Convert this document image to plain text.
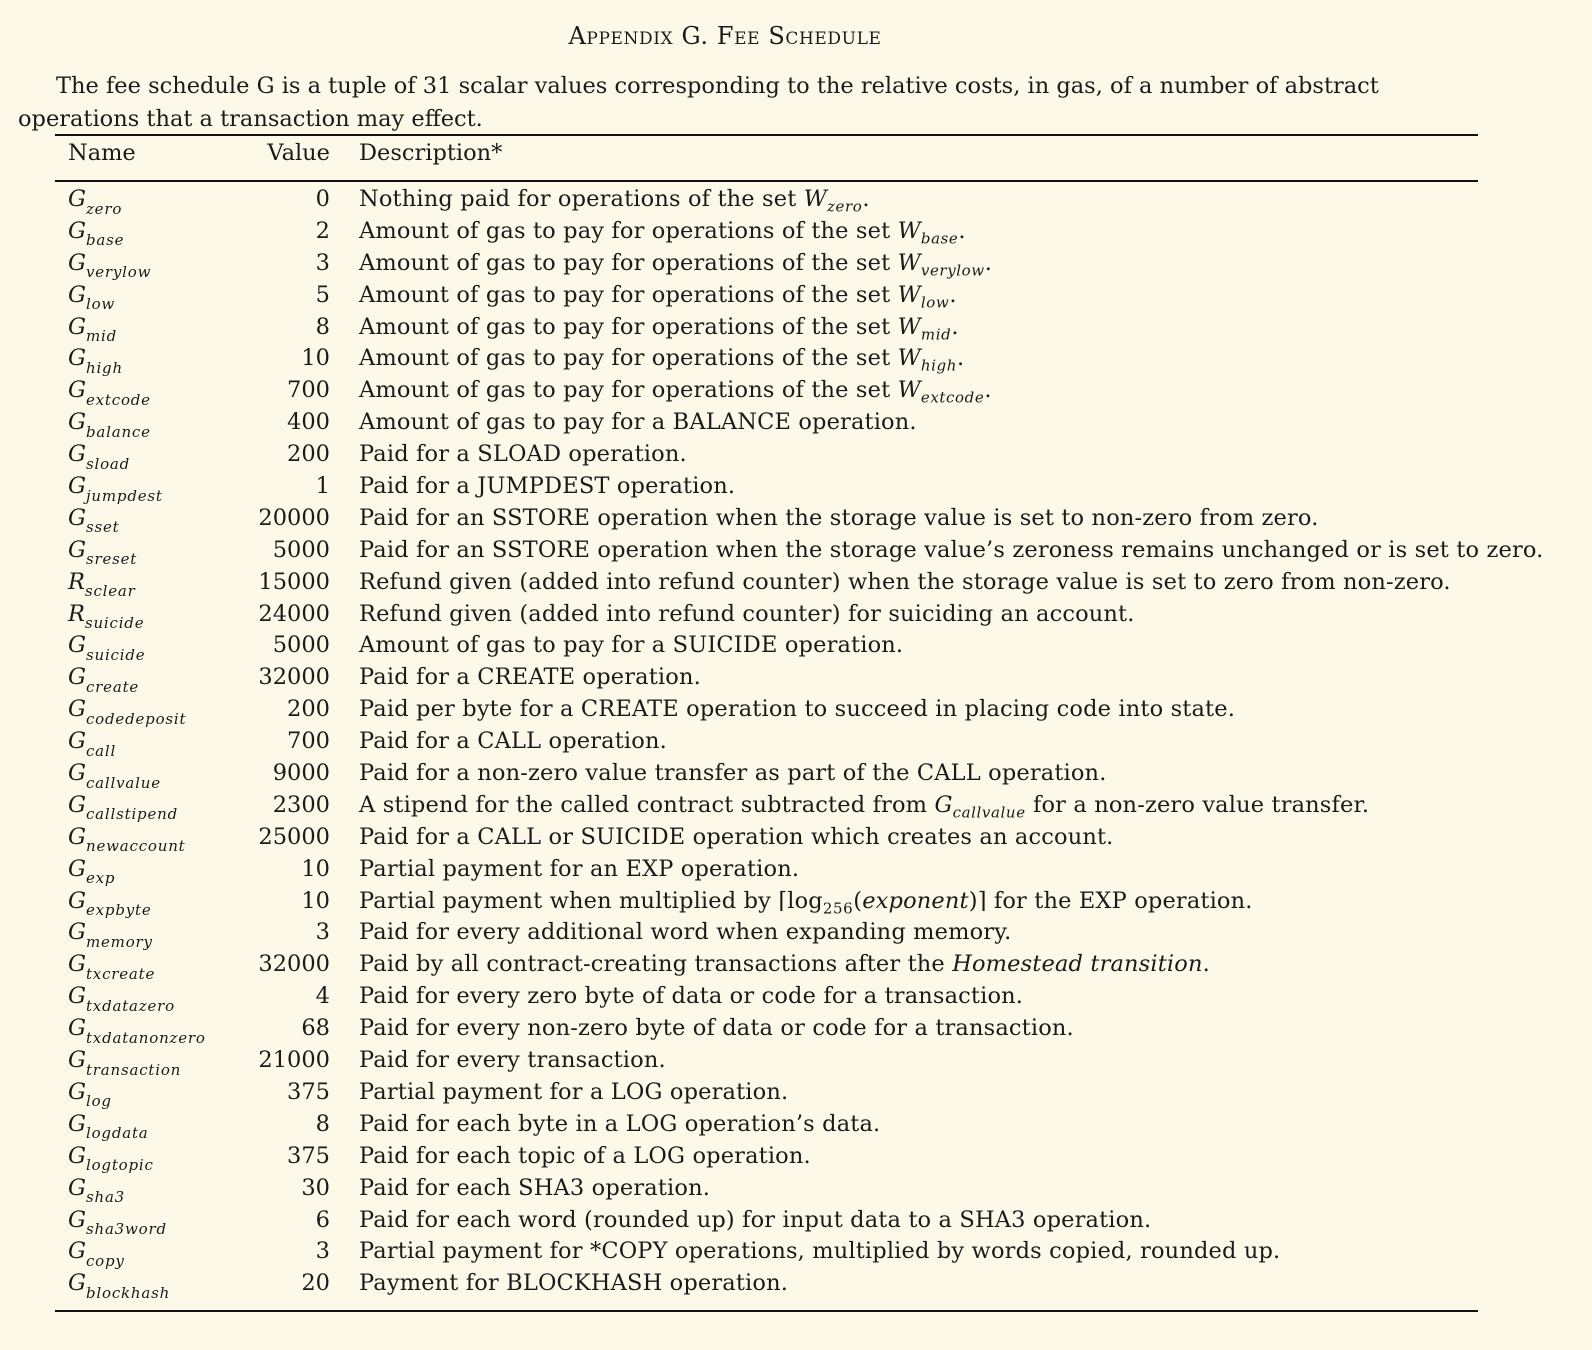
Appendix G. Fee Schedule
The fee schedule G is a tuple of 31 scalar values corresponding to the relative costs, in gas, of a number of abstract
operations that a transaction may effect.
Name	Value Description*
$G_{zero}$	0 Nothing paid for operations of the set $W_{zero}$.
$G_{base}$	2 Amount of gas to pay for operations of the set $W_{base}$.
$G_{verylow}$	3 Amount of gas to pay for operations of the set $W_{verylow}$.
$G_{low}$	5 Amount of gas to pay for operations of the set $W_{low}$.
$G_{mid}$	8 Amount of gas to pay for operations of the set $W_{mid}$.
$G_{high}$	10 Amount of gas to pay for operations of the set $W_{high}$.
$G_{extcode}$	700 Amount of gas to pay for operations of the set $W_{extcode}$.
$G_{balance}$	400 Amount of gas to pay for a BALANCE operation.
$G_{sload}$	200 Paid for a SLOAD operation.
$G_{jumpdest}$	1 Paid for a JUMPDEST operation.
$G_{sset}$	20000 Paid for an SSTORE operation when the storage value is set to non-zero from zero.
$G_{sreset}$	5000 Paid for an SSTORE operation when the storage value’s zeroness remains unchanged or is set to zero.
$R_{sclear}$	15000 Refund given (added into refund counter) when the storage value is set to zero from non-zero.
$R_{suicide}$	24000 Refund given (added into refund counter) for suiciding an account.
$G_{suicide}$	5000 Amount of gas to pay for a SUICIDE operation.
$G_{create}$	32000 Paid for a CREATE operation.
$G_{codedeposit}$	200 Paid per byte for a CREATE operation to succeed in placing code into state.
$G_{call}$	700 Paid for a CALL operation.
$G_{callvalue}$	9000 Paid for a non-zero value transfer as part of the CALL operation.
$G_{callstipend}$	2300 A stipend for the called contract subtracted from $G_{callvalue}$ for a non-zero value transfer.
$G_{newaccount}$	25000 Paid for a CALL or SUICIDE operation which creates an account.
$G_{exp}$	10 Partial payment for an EXP operation.
$G_{expbyte}$	10 Partial payment when multiplied by $⌈\log_{256}(exponent)⌉$ for the EXP operation.
$G_{memory}$	3 Paid for every additional word when expanding memory.
$G_{txcreate}$	32000 Paid by all contract-creating transactions after the Homestead transition.
$G_{txdatazero}$	4 Paid for every zero byte of data or code for a transaction.
$G_{txdatanonzero}$	68 Paid for every non-zero byte of data or code for a transaction.
$G_{transaction}$	21000 Paid for every transaction.
$G_{log}$	375 Partial payment for a LOG operation.
$G_{logdata}$	8 Paid for each byte in a LOG operation’s data.
$G_{logtopic}$	375 Paid for each topic of a LOG operation.
$G_{sha3}$	30 Paid for each SHA3 operation.
$G_{sha3word}$	6 Paid for each word (rounded up) for input data to a SHA3 operation.
$G_{copy}$	3 Partial payment for *COPY operations, multiplied by words copied, rounded up.
$G_{blockhash}$	20 Payment for BLOCKHASH operation.
